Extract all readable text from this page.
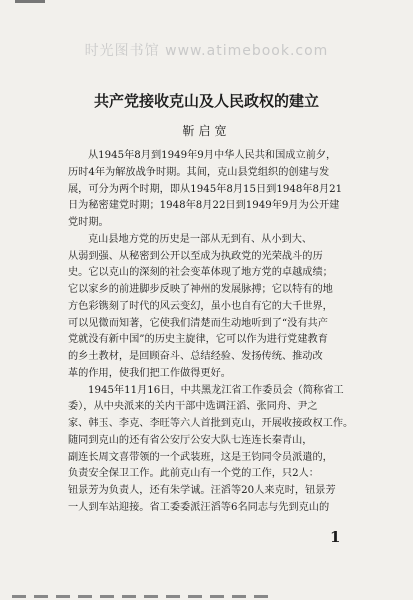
时光图书馆 www.atimebook.com
共产党接收克山及人民政权的建立
靳启宽
从1945年8月到1949年9月中华人民共和国成立前夕，
历时4年为解放战争时期。其间，克山县党组织的创建与发
展，可分为两个时期，即从1945年8月15日到1948年8月21
日为秘密建党时期；1948年8月22日到1949年9月为公开建
党时期。
克山县地方党的历史是一部从无到有、从小到大、
从弱到强、从秘密到公开以至成为执政党的光荣战斗的历
史。它以克山的深刻的社会变革体现了地方党的卓越成绩；
它以家乡的前进脚步反映了神州的发展脉搏；它以特有的地
方色彩镌刻了时代的风云变幻，虽小也自有它的大千世界，
可以见微而知著，它使我们清楚而生动地听到了“没有共产
党就没有新中国”的历史主旋律，它可以作为进行党建教育
的乡土教材，是回顾奋斗、总结经验、发扬传统、推动改
革的作用，使我们把工作做得更好。
1945年11月16日，中共黑龙江省工作委员会（简称省工
委），从中央派来的关内干部中选调汪滔、张同舟、尹之
家、韩玉、李克、李旺等六人首批到克山，开展收接政权工作。
随同到克山的还有省公安厅公安大队七连连长秦青山，
副连长周文喜带领的一个武装班，这是王钧同令员派遣的，
负责安全保卫工作。此前克山有一个党的工作，只2人：
钮景芳为负责人，还有朱学诚。汪滔等20人来克时，钮景芳
一人到车站迎接。省工委委派汪滔等6名同志与先到克山的
1
